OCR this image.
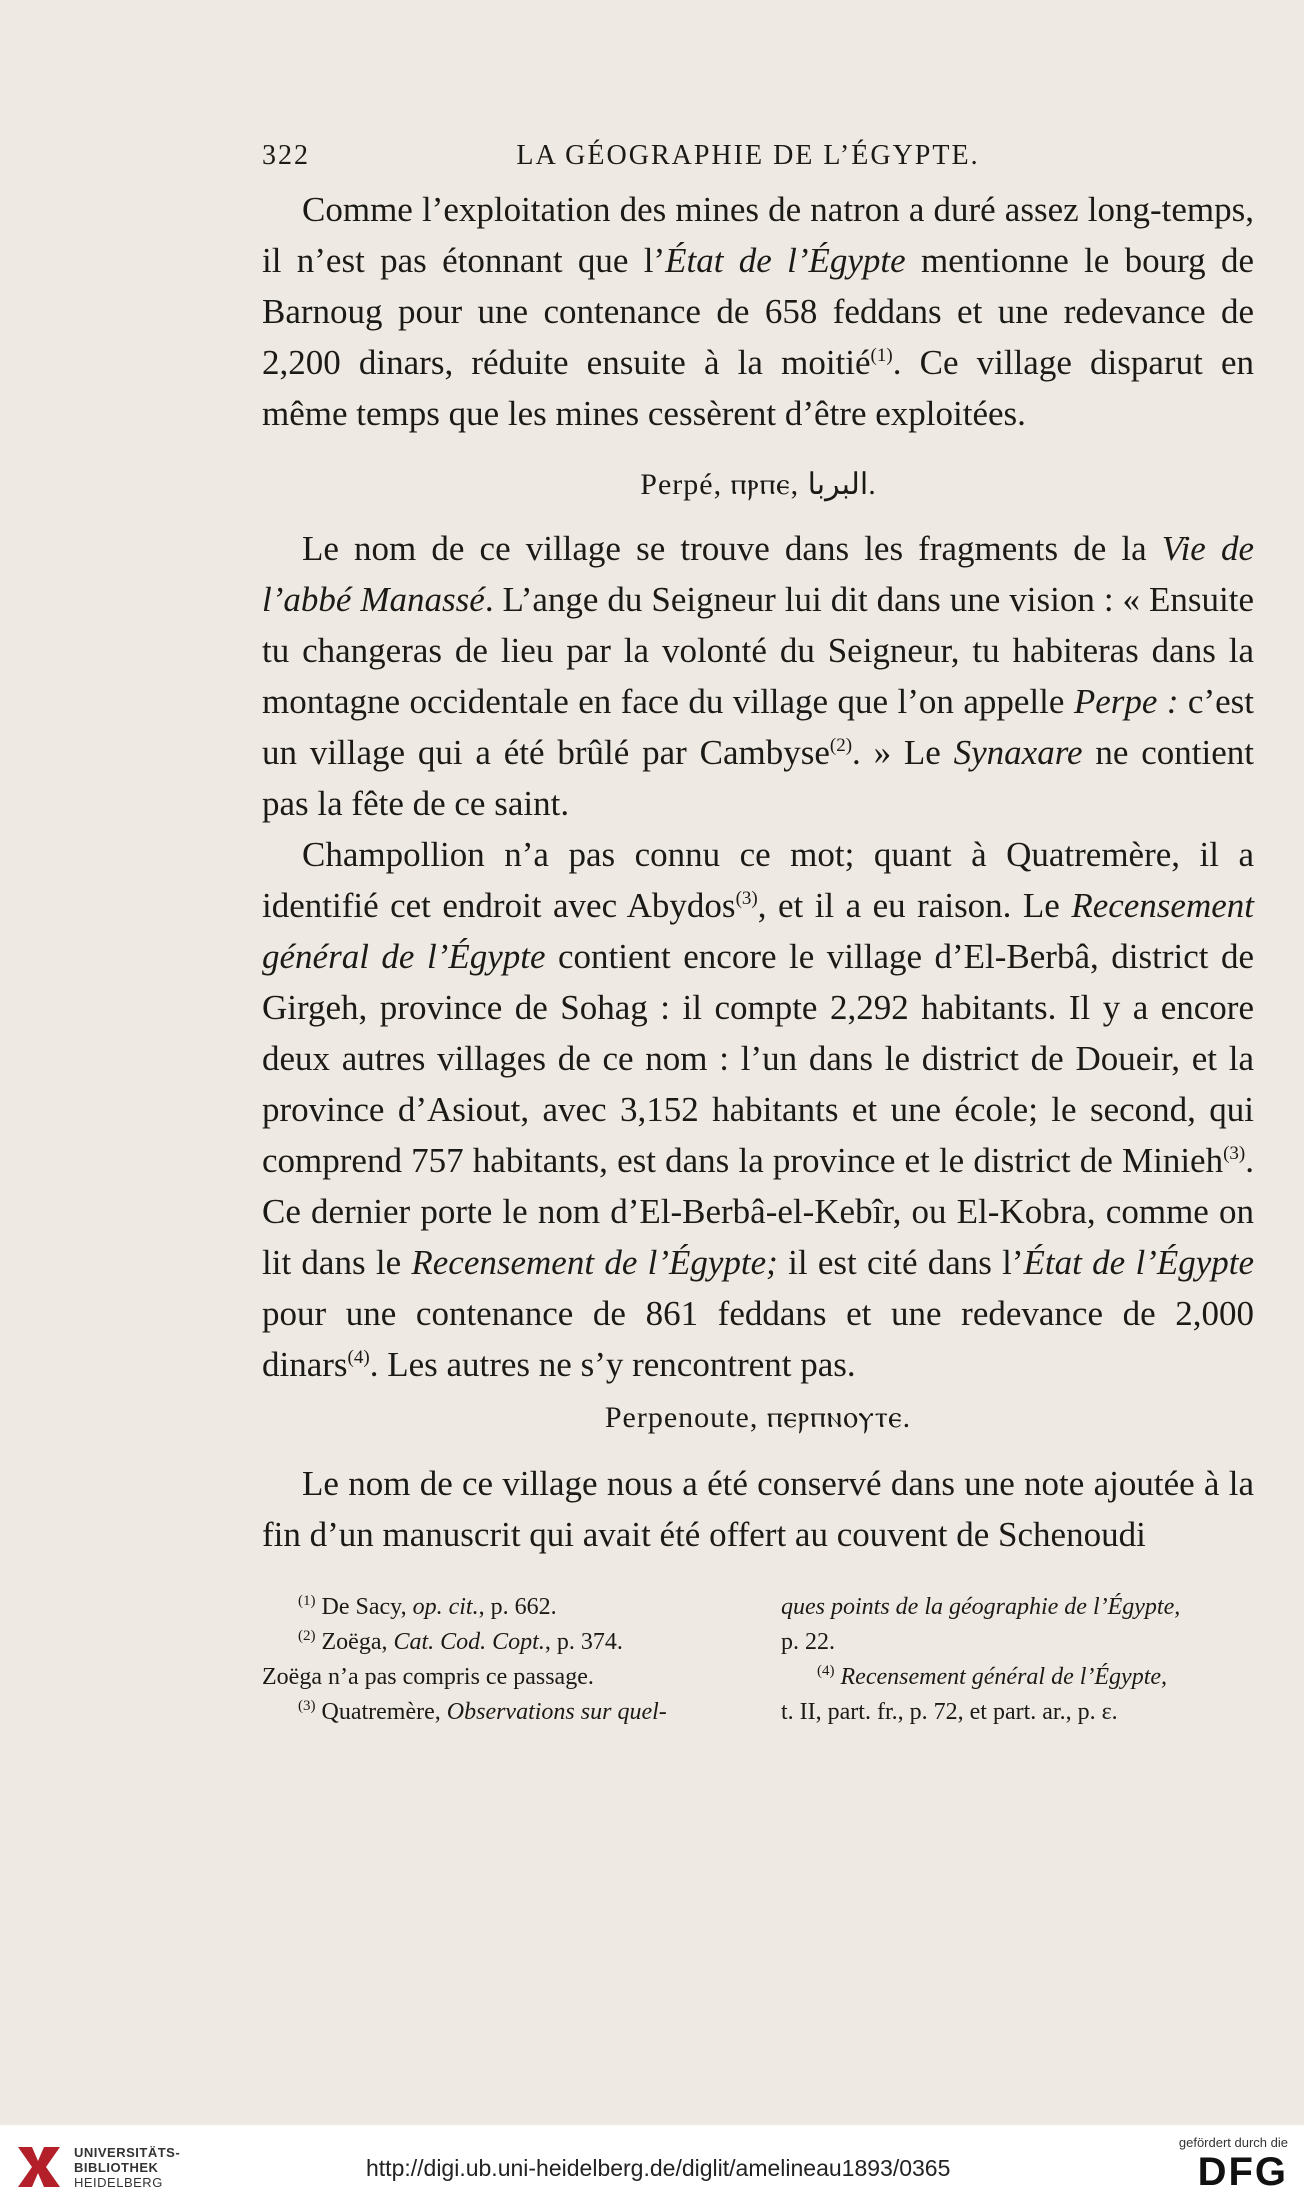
322	LA GÉOGRAPHIE DE L’ÉGYPTE.

Comme l’exploitation des mines de natron a duré assez long-temps, il n’est pas étonnant que l’État de l’Égypte mentionne le bourg de Barnoug pour une contenance de 658 feddans et une redevance de 2,200 dinars, réduite ensuite à la moitié$^{(1)}$. Ce village disparut en même temps que les mines cessèrent d’être exploitées.

Perpé, ⲡⲣⲡⲉ, البربا.

Le nom de ce village se trouve dans les fragments de la Vie de l’abbé Manassé. L’ange du Seigneur lui dit dans une vision : « Ensuite tu changeras de lieu par la volonté du Seigneur, tu habiteras dans la montagne occidentale en face du village que l’on appelle Perpe : c’est un village qui a été brûlé par Cambyse$^{(2)}$. » Le Synaxare ne contient pas la fête de ce saint.

Champollion n’a pas connu ce mot; quant à Quatremère, il a identifié cet endroit avec Abydos$^{(3)}$, et il a eu raison. Le Recensement général de l’Égypte contient encore le village d’El-Berbâ, district de Girgeh, province de Sohag : il compte 2,292 habitants. Il y a encore deux autres villages de ce nom : l’un dans le district de Doueir, et la province d’Asiout, avec 3,152 habitants et une école; le second, qui comprend 757 habitants, est dans la province et le district de Minieh$^{(3)}$. Ce dernier porte le nom d’El-Berbâ-el-Kebîr, ou El-Kobra, comme on lit dans le Recensement de l’Égypte; il est cité dans l’État de l’Égypte pour une contenance de 861 feddans et une redevance de 2,000 dinars$^{(4)}$. Les autres ne s’y rencontrent pas.

Perpenoute, ⲡⲉⲣⲡⲛⲟⲩⲧⲉ.

Le nom de ce village nous a été conservé dans une note ajoutée à la fin d’un manuscrit qui avait été offert au couvent de Schenoudi

$^{(1)}$ De Sacy, op. cit., p. 662.

$^{(2)}$ Zoëga, Cat. Cod. Copt., p. 374.

Zoëga n’a pas compris ce passage.

$^{(3)}$ Quatremère, Observations sur quel-

ques points de la géographie de l’Égypte,

p. 22.

$^{(4)}$ Recensement général de l’Égypte,

t. II, part. fr., p. 72, et part. ar., p. ε.

UNIVERSITÄTS-
BIBLIOTHEK
HEIDELBERG
http://digi.ub.uni-heidelberg.de/diglit/amelineau1893/0365
gefördert durch die
DFG
